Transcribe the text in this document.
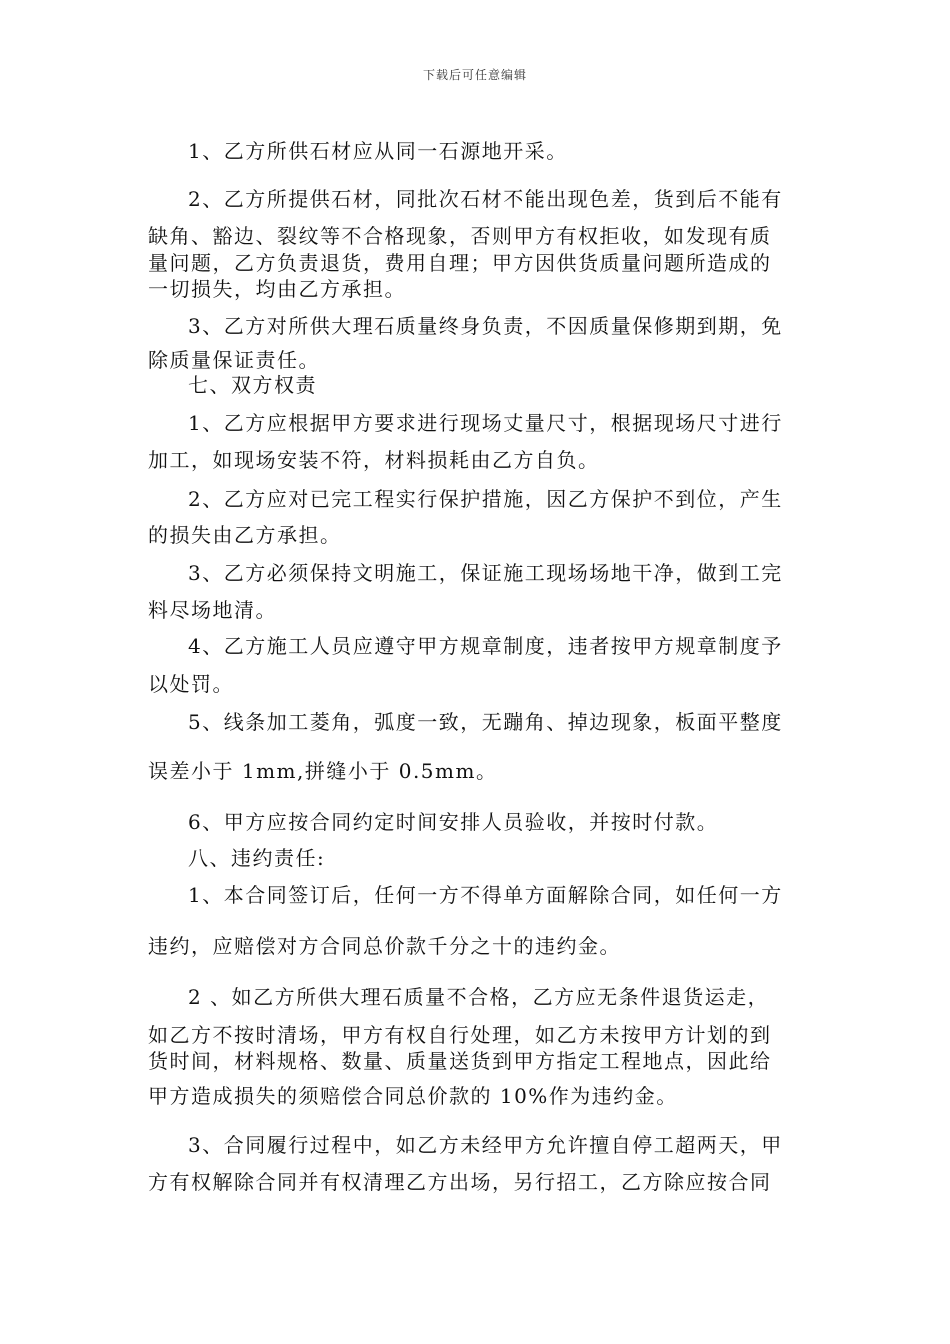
下载后可任意编辑
1、乙方所供石材应从同一石源地开采。
2、乙方所提供石材，同批次石材不能出现色差，货到后不能有
缺角、豁边、裂纹等不合格现象，否则甲方有权拒收，如发现有质
量问题，乙方负责退货，费用自理；甲方因供货质量问题所造成的
一切损失，均由乙方承担。
3、乙方对所供大理石质量终身负责，不因质量保修期到期，免
除质量保证责任。
七、双方权责
1、乙方应根据甲方要求进行现场丈量尺寸，根据现场尺寸进行
加工，如现场安装不符，材料损耗由乙方自负。
2、乙方应对已完工程实行保护措施，因乙方保护不到位，产生
的损失由乙方承担。
3、乙方必须保持文明施工，保证施工现场场地干净，做到工完
料尽场地清。
4、乙方施工人员应遵守甲方规章制度，违者按甲方规章制度予
以处罚。
5、线条加工菱角，弧度一致，无蹦角、掉边现象，板面平整度
误差小于 1mm,拼缝小于 0.5mm。
6、甲方应按合同约定时间安排人员验收，并按时付款。
八、违约责任:
1、本合同签订后，任何一方不得单方面解除合同，如任何一方
违约，应赔偿对方合同总价款千分之十的违约金。
2 、如乙方所供大理石质量不合格，乙方应无条件退货运走，
如乙方不按时清场，甲方有权自行处理，如乙方未按甲方计划的到
货时间，材料规格、数量、质量送货到甲方指定工程地点，因此给
甲方造成损失的须赔偿合同总价款的 10%作为违约金。
3、合同履行过程中，如乙方未经甲方允许擅自停工超两天，甲
方有权解除合同并有权清理乙方出场，另行招工，乙方除应按合同
